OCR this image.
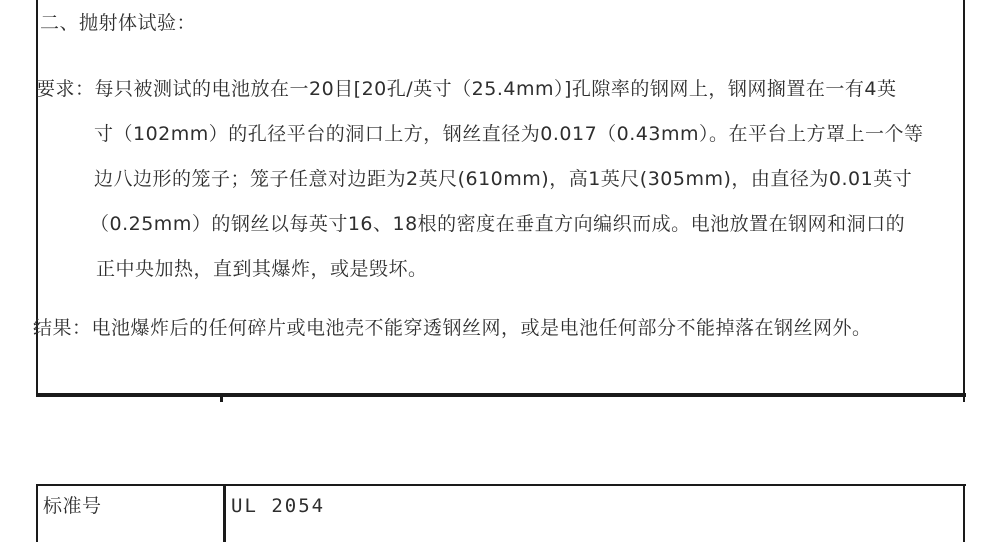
二、抛射体试验：
要求：每只被测试的电池放在一20目[20孔/英寸（25.4mm）]孔隙率的钢网上，钢网搁置在一有4英
寸（102mm）的孔径平台的洞口上方，钢丝直径为0.017（0.43mm）。在平台上方罩上一个等
边八边形的笼子；笼子任意对边距为2英尺(610mm)，高1英尺(305mm)，由直径为0.01英寸
（0.25mm）的钢丝以每英寸16、18根的密度在垂直方向编织而成。电池放置在钢网和洞口的
正中央加热，直到其爆炸，或是毁坏。
结果：电池爆炸后的任何碎片或电池壳不能穿透钢丝网，或是电池任何部分不能掉落在钢丝网外。
标准号	UL 2054
